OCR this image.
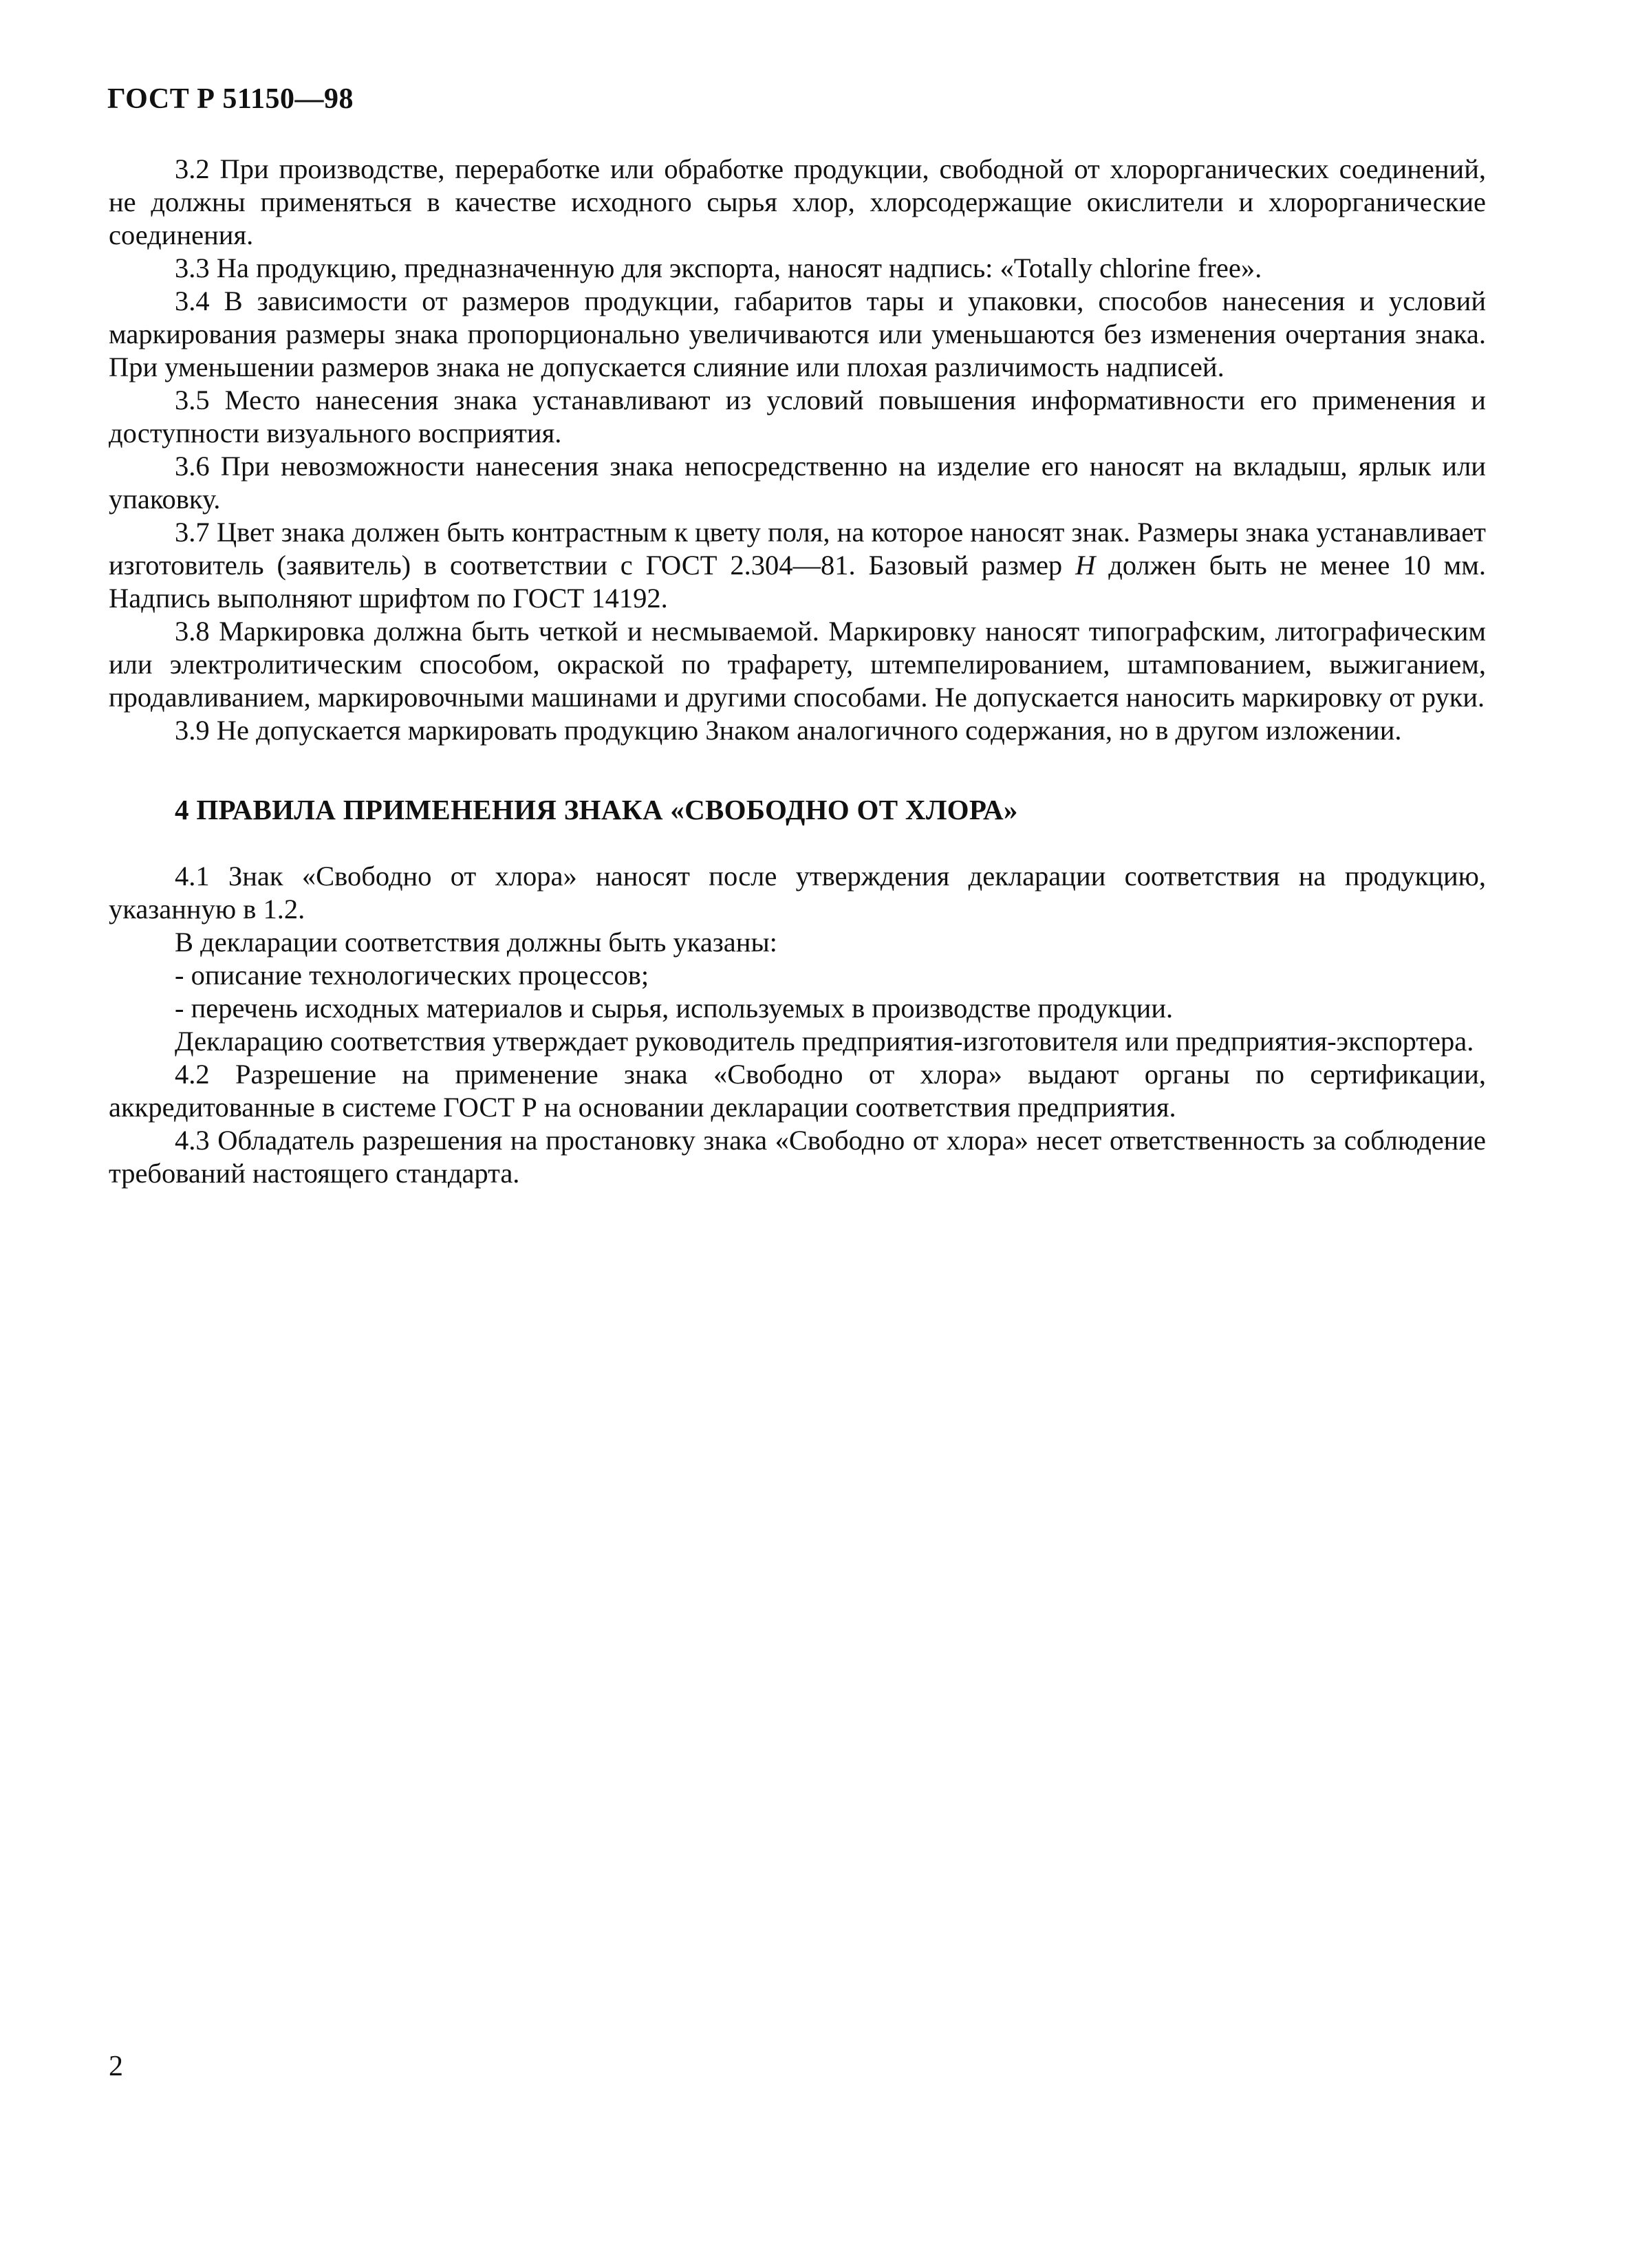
ГОСТ Р 51150—98

3.2 При производстве, переработке или обработке продукции, свободной от хлорорганических соединений, не должны применяться в качестве исходного сырья хлор, хлорсодержащие окислители и хлорорганические соединения.

3.3 На продукцию, предназначенную для экспорта, наносят надпись: «Totally chlorine free».

3.4 В зависимости от размеров продукции, габаритов тары и упаковки, способов нанесения и условий маркирования размеры знака пропорционально увеличиваются или уменьшаются без изменения очертания знака. При уменьшении размеров знака не допускается слияние или плохая различимость надписей.

3.5 Место нанесения знака устанавливают из условий повышения информативности его применения и доступности визуального восприятия.

3.6 При невозможности нанесения знака непосредственно на изделие его наносят на вкладыш, ярлык или упаковку.

3.7 Цвет знака должен быть контрастным к цвету поля, на которое наносят знак. Размеры знака устанавливает изготовитель (заявитель) в соответствии с ГОСТ 2.304—81. Базовый размер Н должен быть не менее 10 мм. Надпись выполняют шрифтом по ГОСТ 14192.

3.8 Маркировка должна быть четкой и несмываемой. Маркировку наносят типографским, литографическим или электролитическим способом, окраской по трафарету, штемпелированием, штампованием, выжиганием, продавливанием, маркировочными машинами и другими способами. Не допускается наносить маркировку от руки.

3.9 Не допускается маркировать продукцию Знаком аналогичного содержания, но в другом изложении.

4 ПРАВИЛА ПРИМЕНЕНИЯ ЗНАКА «СВОБОДНО ОТ ХЛОРА»

4.1 Знак «Свободно от хлора» наносят после утверждения декларации соответствия на продукцию, указанную в 1.2.

В декларации соответствия должны быть указаны:

- описание технологических процессов;

- перечень исходных материалов и сырья, используемых в производстве продукции.

Декларацию соответствия утверждает руководитель предприятия-изготовителя или предприятия-экспортера.

4.2 Разрешение на применение знака «Свободно от хлора» выдают органы по сертификации, аккредитованные в системе ГОСТ Р на основании декларации соответствия предприятия.

4.3 Обладатель разрешения на простановку знака «Свободно от хлора» несет ответственность за соблюдение требований настоящего стандарта.

2
